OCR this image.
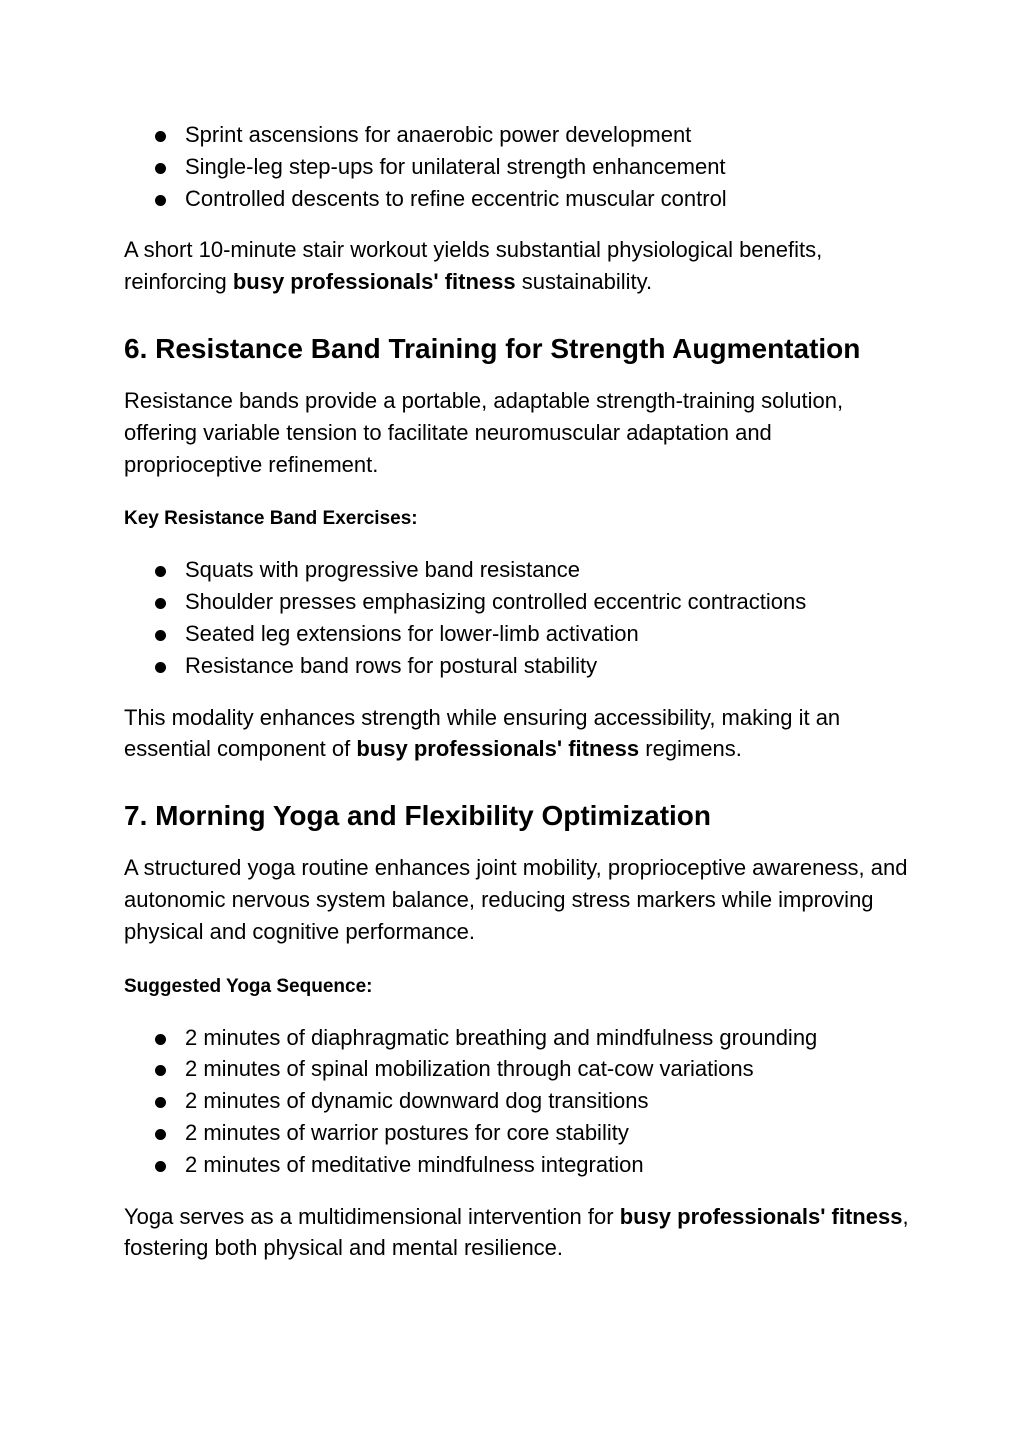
Sprint ascensions for anaerobic power development
Single-leg step-ups for unilateral strength enhancement
Controlled descents to refine eccentric muscular control

A short 10-minute stair workout yields substantial physiological benefits, reinforcing busy professionals' fitness sustainability.

6. Resistance Band Training for Strength Augmentation

Resistance bands provide a portable, adaptable strength-training solution, offering variable tension to facilitate neuromuscular adaptation and proprioceptive refinement.

Key Resistance Band Exercises:
Squats with progressive band resistance
Shoulder presses emphasizing controlled eccentric contractions
Seated leg extensions for lower-limb activation
Resistance band rows for postural stability

This modality enhances strength while ensuring accessibility, making it an essential component of busy professionals' fitness regimens.

7. Morning Yoga and Flexibility Optimization

A structured yoga routine enhances joint mobility, proprioceptive awareness, and autonomic nervous system balance, reducing stress markers while improving physical and cognitive performance.

Suggested Yoga Sequence:
2 minutes of diaphragmatic breathing and mindfulness grounding
2 minutes of spinal mobilization through cat-cow variations
2 minutes of dynamic downward dog transitions
2 minutes of warrior postures for core stability
2 minutes of meditative mindfulness integration

Yoga serves as a multidimensional intervention for busy professionals' fitness, fostering both physical and mental resilience.
